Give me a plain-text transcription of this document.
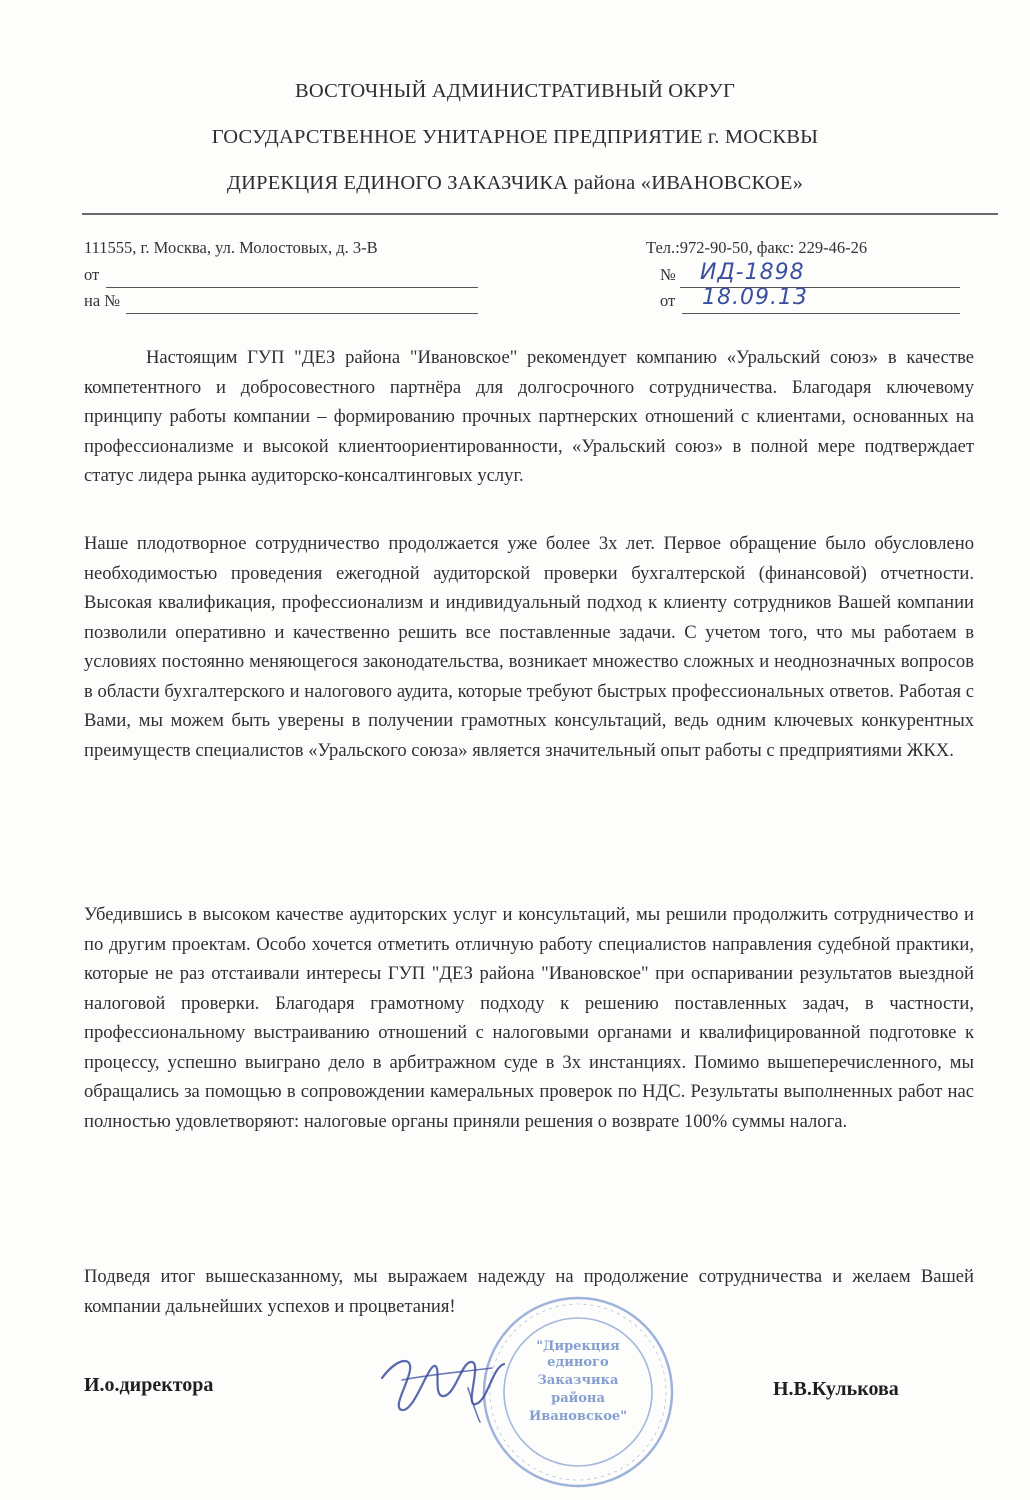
ВОСТОЧНЫЙ АДМИНИСТРАТИВНЫЙ ОКРУГ
ГОСУДАРСТВЕННОЕ УНИТАРНОЕ ПРЕДПРИЯТИЕ г. МОСКВЫ
ДИРЕКЦИЯ ЕДИНОГО ЗАКАЗЧИКА района «ИВАНОВСКОЕ»
111555, г. Москва, ул. Молостовых, д. 3-В	Тел.:972-90-50, факс: 229-46-26
от
на №
№ ИД-1898
от 18.09.13

Настоящим ГУП "ДЕЗ района "Ивановское" рекомендует компанию «Уральский союз» в качестве компетентного и добросовестного партнёра для долгосрочного сотрудничества. Благодаря ключевому принципу работы компании – формированию прочных партнерских отношений с клиентами, основанных на профессионализме и высокой клиентоориентированности, «Уральский союз» в полной мере подтверждает статус лидера рынка аудиторско-консалтинговых услуг.

Наше плодотворное сотрудничество продолжается уже более 3х лет. Первое обращение было обусловлено необходимостью проведения ежегодной аудиторской проверки бухгалтерской (финансовой) отчетности. Высокая квалификация, профессионализм и индивидуальный подход к клиенту сотрудников Вашей компании позволили оперативно и качественно решить все поставленные задачи. С учетом того, что мы работаем в условиях постоянно меняющегося законодательства, возникает множество сложных и неоднозначных вопросов в области бухгалтерского и налогового аудита, которые требуют быстрых профессиональных ответов. Работая с Вами, мы можем быть уверены в получении грамотных консультаций, ведь одним ключевых конкурентных преимуществ специалистов «Уральского союза» является значительный опыт работы с предприятиями ЖКХ.

Убедившись в высоком качестве аудиторских услуг и консультаций, мы решили продолжить сотрудничество и по другим проектам. Особо хочется отметить отличную работу специалистов направления судебной практики, которые не раз отстаивали интересы ГУП "ДЕЗ района "Ивановское" при оспаривании результатов выездной налоговой проверки. Благодаря грамотному подходу к решению поставленных задач, в частности, профессиональному выстраиванию отношений с налоговыми органами и квалифицированной подготовке к процессу, успешно выиграно дело в арбитражном суде в 3х инстанциях. Помимо вышеперечисленного, мы обращались за помощью в сопровождении камеральных проверок по НДС. Результаты выполненных работ нас полностью удовлетворяют: налоговые органы приняли решения о возврате 100% суммы налога.

Подведя итог вышесказанному, мы выражаем надежду на продолжение сотрудничества и желаем Вашей компании дальнейших успехов и процветания!

"Дирекция
единого
Заказчика
района
Ивановское"
И.о.директора	Н.В.Кулькова
